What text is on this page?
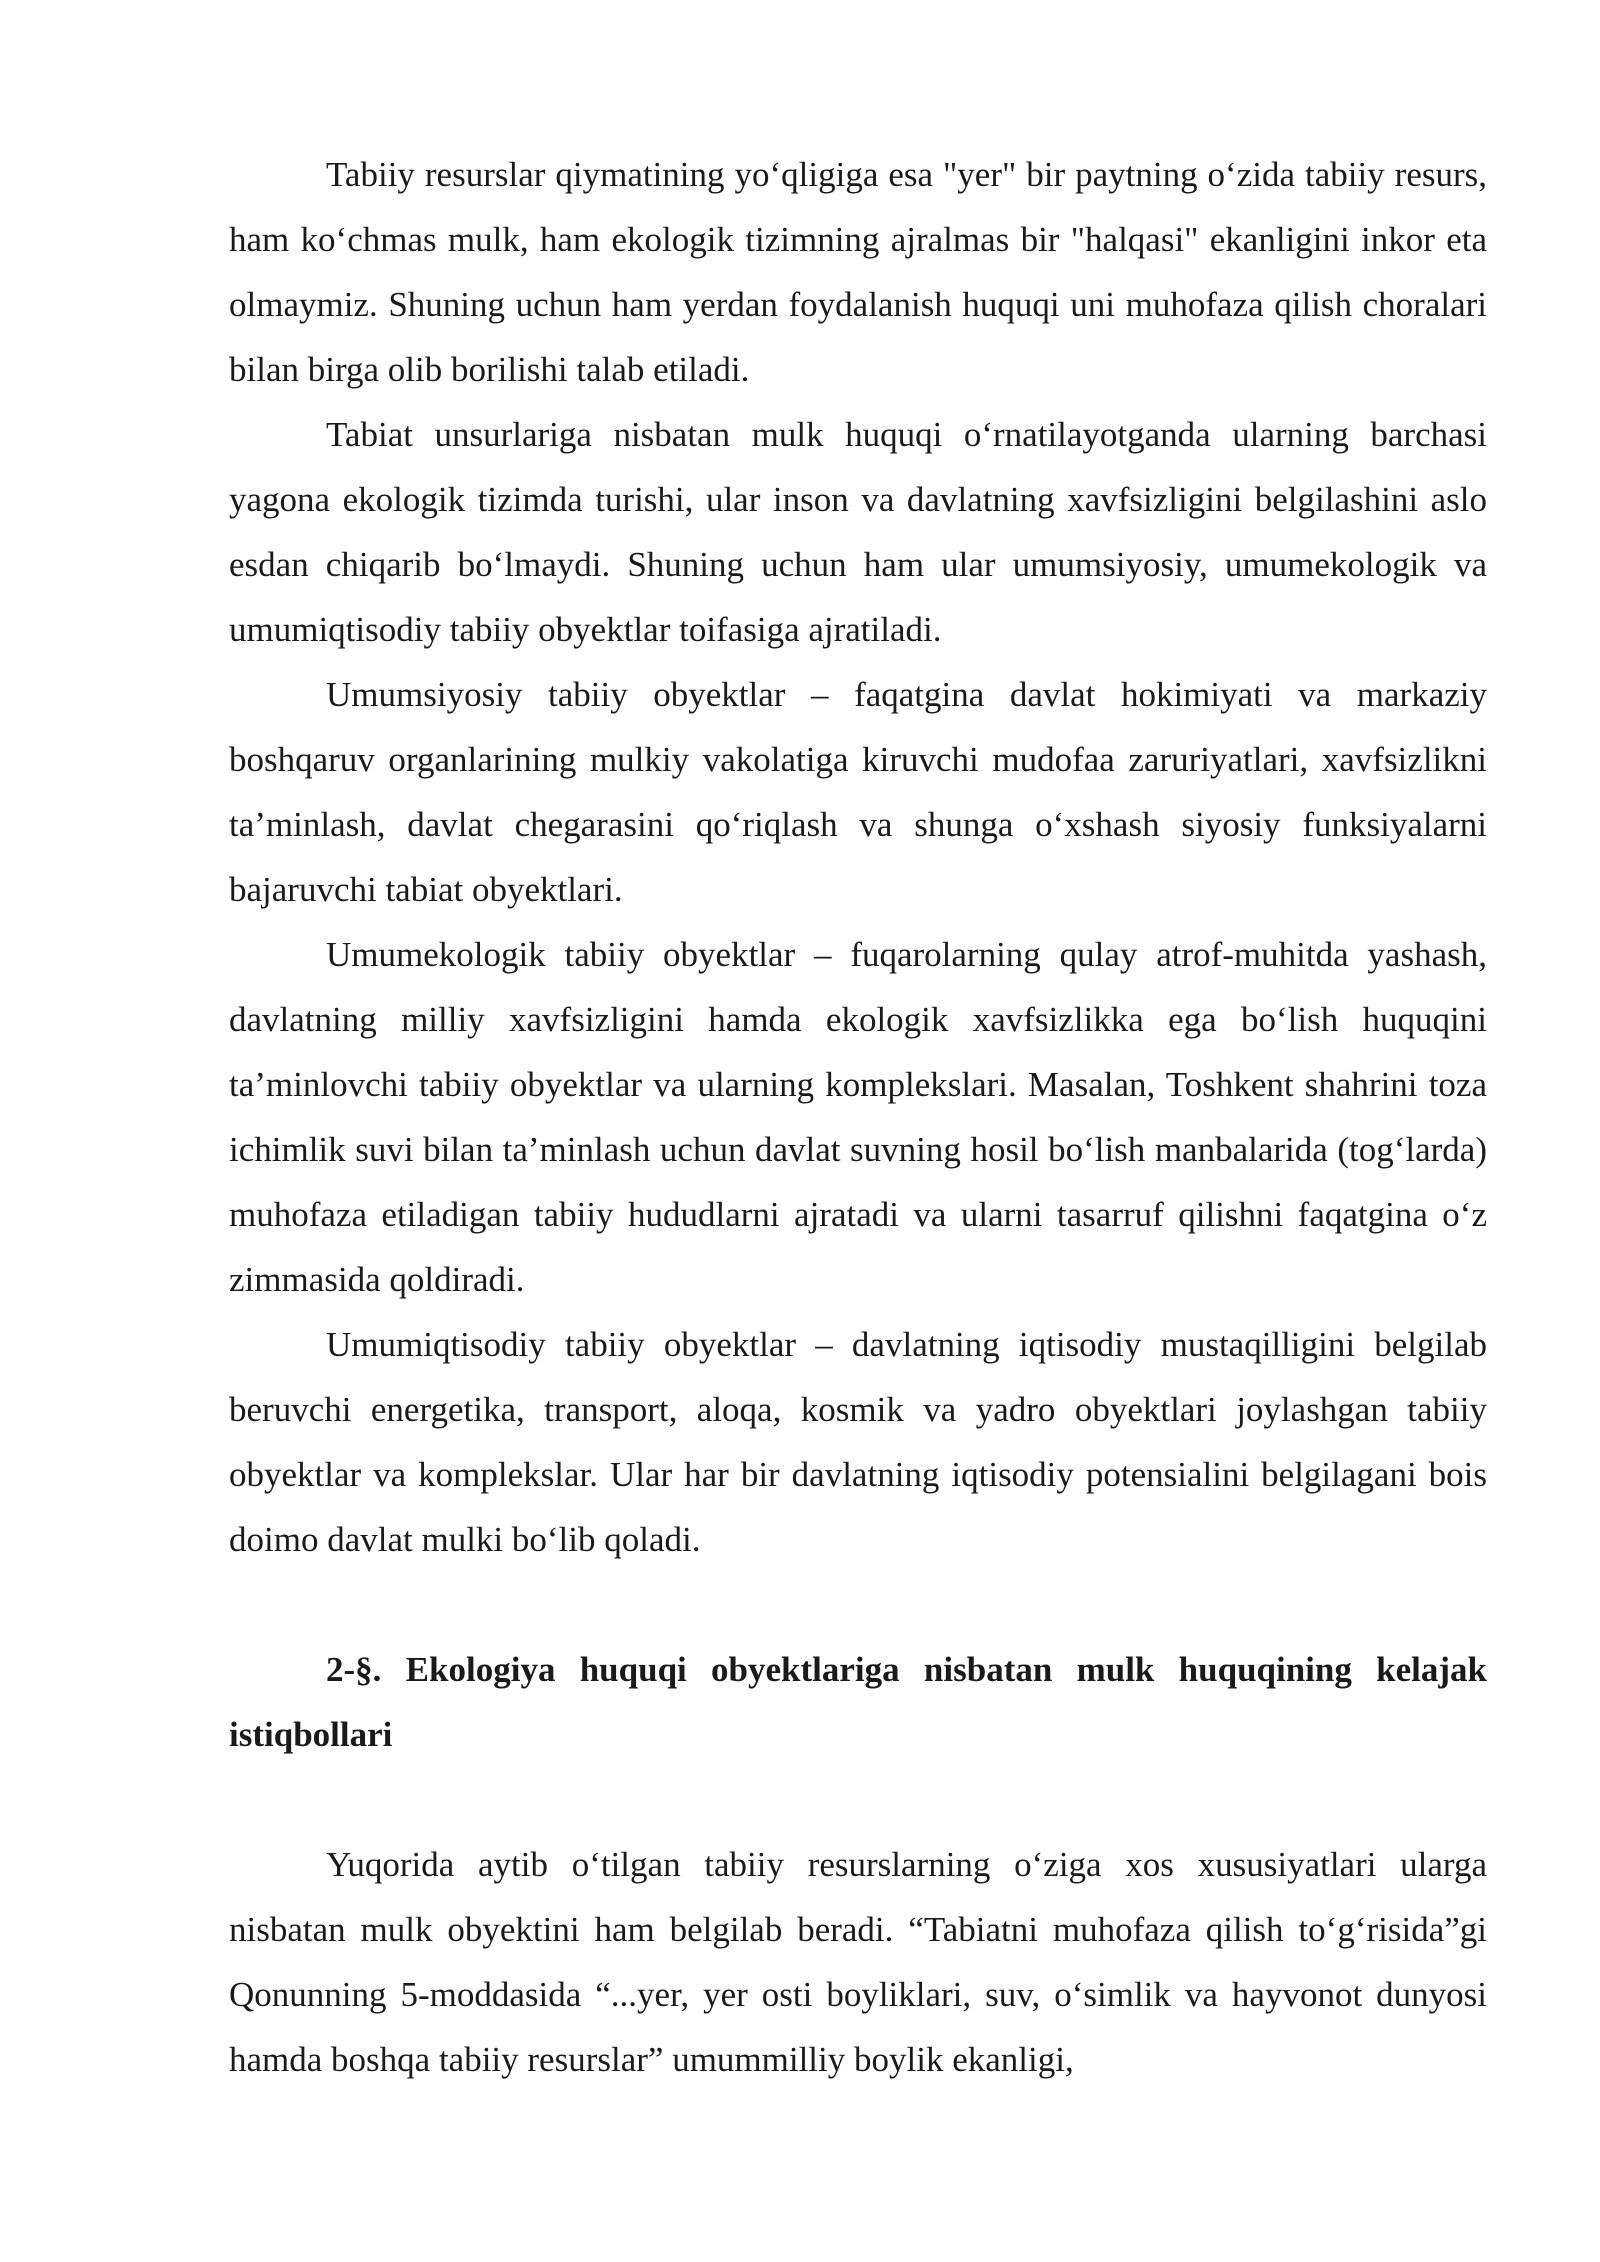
Tabiiy resurslar qiymatining yo‘qligiga esa "yer" bir paytning o‘zida tabiiy resurs, ham ko‘chmas mulk, ham ekologik tizimning ajralmas bir "halqasi" ekanligini inkor eta olmaymiz. Shuning uchun ham yerdan foydalanish huquqi uni muhofaza qilish choralari bilan birga olib borilishi talab etiladi.

Tabiat unsurlariga nisbatan mulk huquqi o‘rnatilayotganda ularning barchasi yagona ekologik tizimda turishi, ular inson va davlatning xavfsizligini belgilashini aslo esdan chiqarib bo‘lmaydi. Shuning uchun ham ular umumsiyosiy, umumekologik va umumiqtisodiy tabiiy obyektlar toifasiga ajratiladi.

Umumsiyosiy tabiiy obyektlar – faqatgina davlat hokimiyati va markaziy boshqaruv organlarining mulkiy vakolatiga kiruvchi mudofaa zaruriyatlari, xavfsizlikni ta’minlash, davlat chegarasini qo‘riqlash va shunga o‘xshash siyosiy funksiyalarni bajaruvchi tabiat obyektlari.

Umumekologik tabiiy obyektlar – fuqarolarning qulay atrof-muhitda yashash, davlatning milliy xavfsizligini hamda ekologik xavfsizlikka ega bo‘lish huquqini ta’minlovchi tabiiy obyektlar va ularning komplekslari. Masalan, Toshkent shahrini toza ichimlik suvi bilan ta’minlash uchun davlat suvning hosil bo‘lish manbalarida (tog‘larda) muhofaza etiladigan tabiiy hududlarni ajratadi va ularni tasarruf qilishni faqatgina o‘z zimmasida qoldiradi.

Umumiqtisodiy tabiiy obyektlar – davlatning iqtisodiy mustaqilligini belgilab beruvchi energetika, transport, aloqa, kosmik va yadro obyektlari joylashgan tabiiy obyektlar va komplekslar. Ular har bir davlatning iqtisodiy potensialini belgilagani bois doimo davlat mulki bo‘lib qoladi.

2-§. Ekologiya huquqi obyektlariga nisbatan mulk huquqining kelajak istiqbollari

Yuqorida aytib o‘tilgan tabiiy resurslarning o‘ziga xos xususiyatlari ularga nisbatan mulk obyektini ham belgilab beradi. “Tabiatni muhofaza qilish to‘g‘risida”gi Qonunning 5-moddasida “...yer, yer osti boyliklari, suv, o‘simlik va hayvonot dunyosi hamda boshqa tabiiy resurslar” umummilliy boylik ekanligi,
